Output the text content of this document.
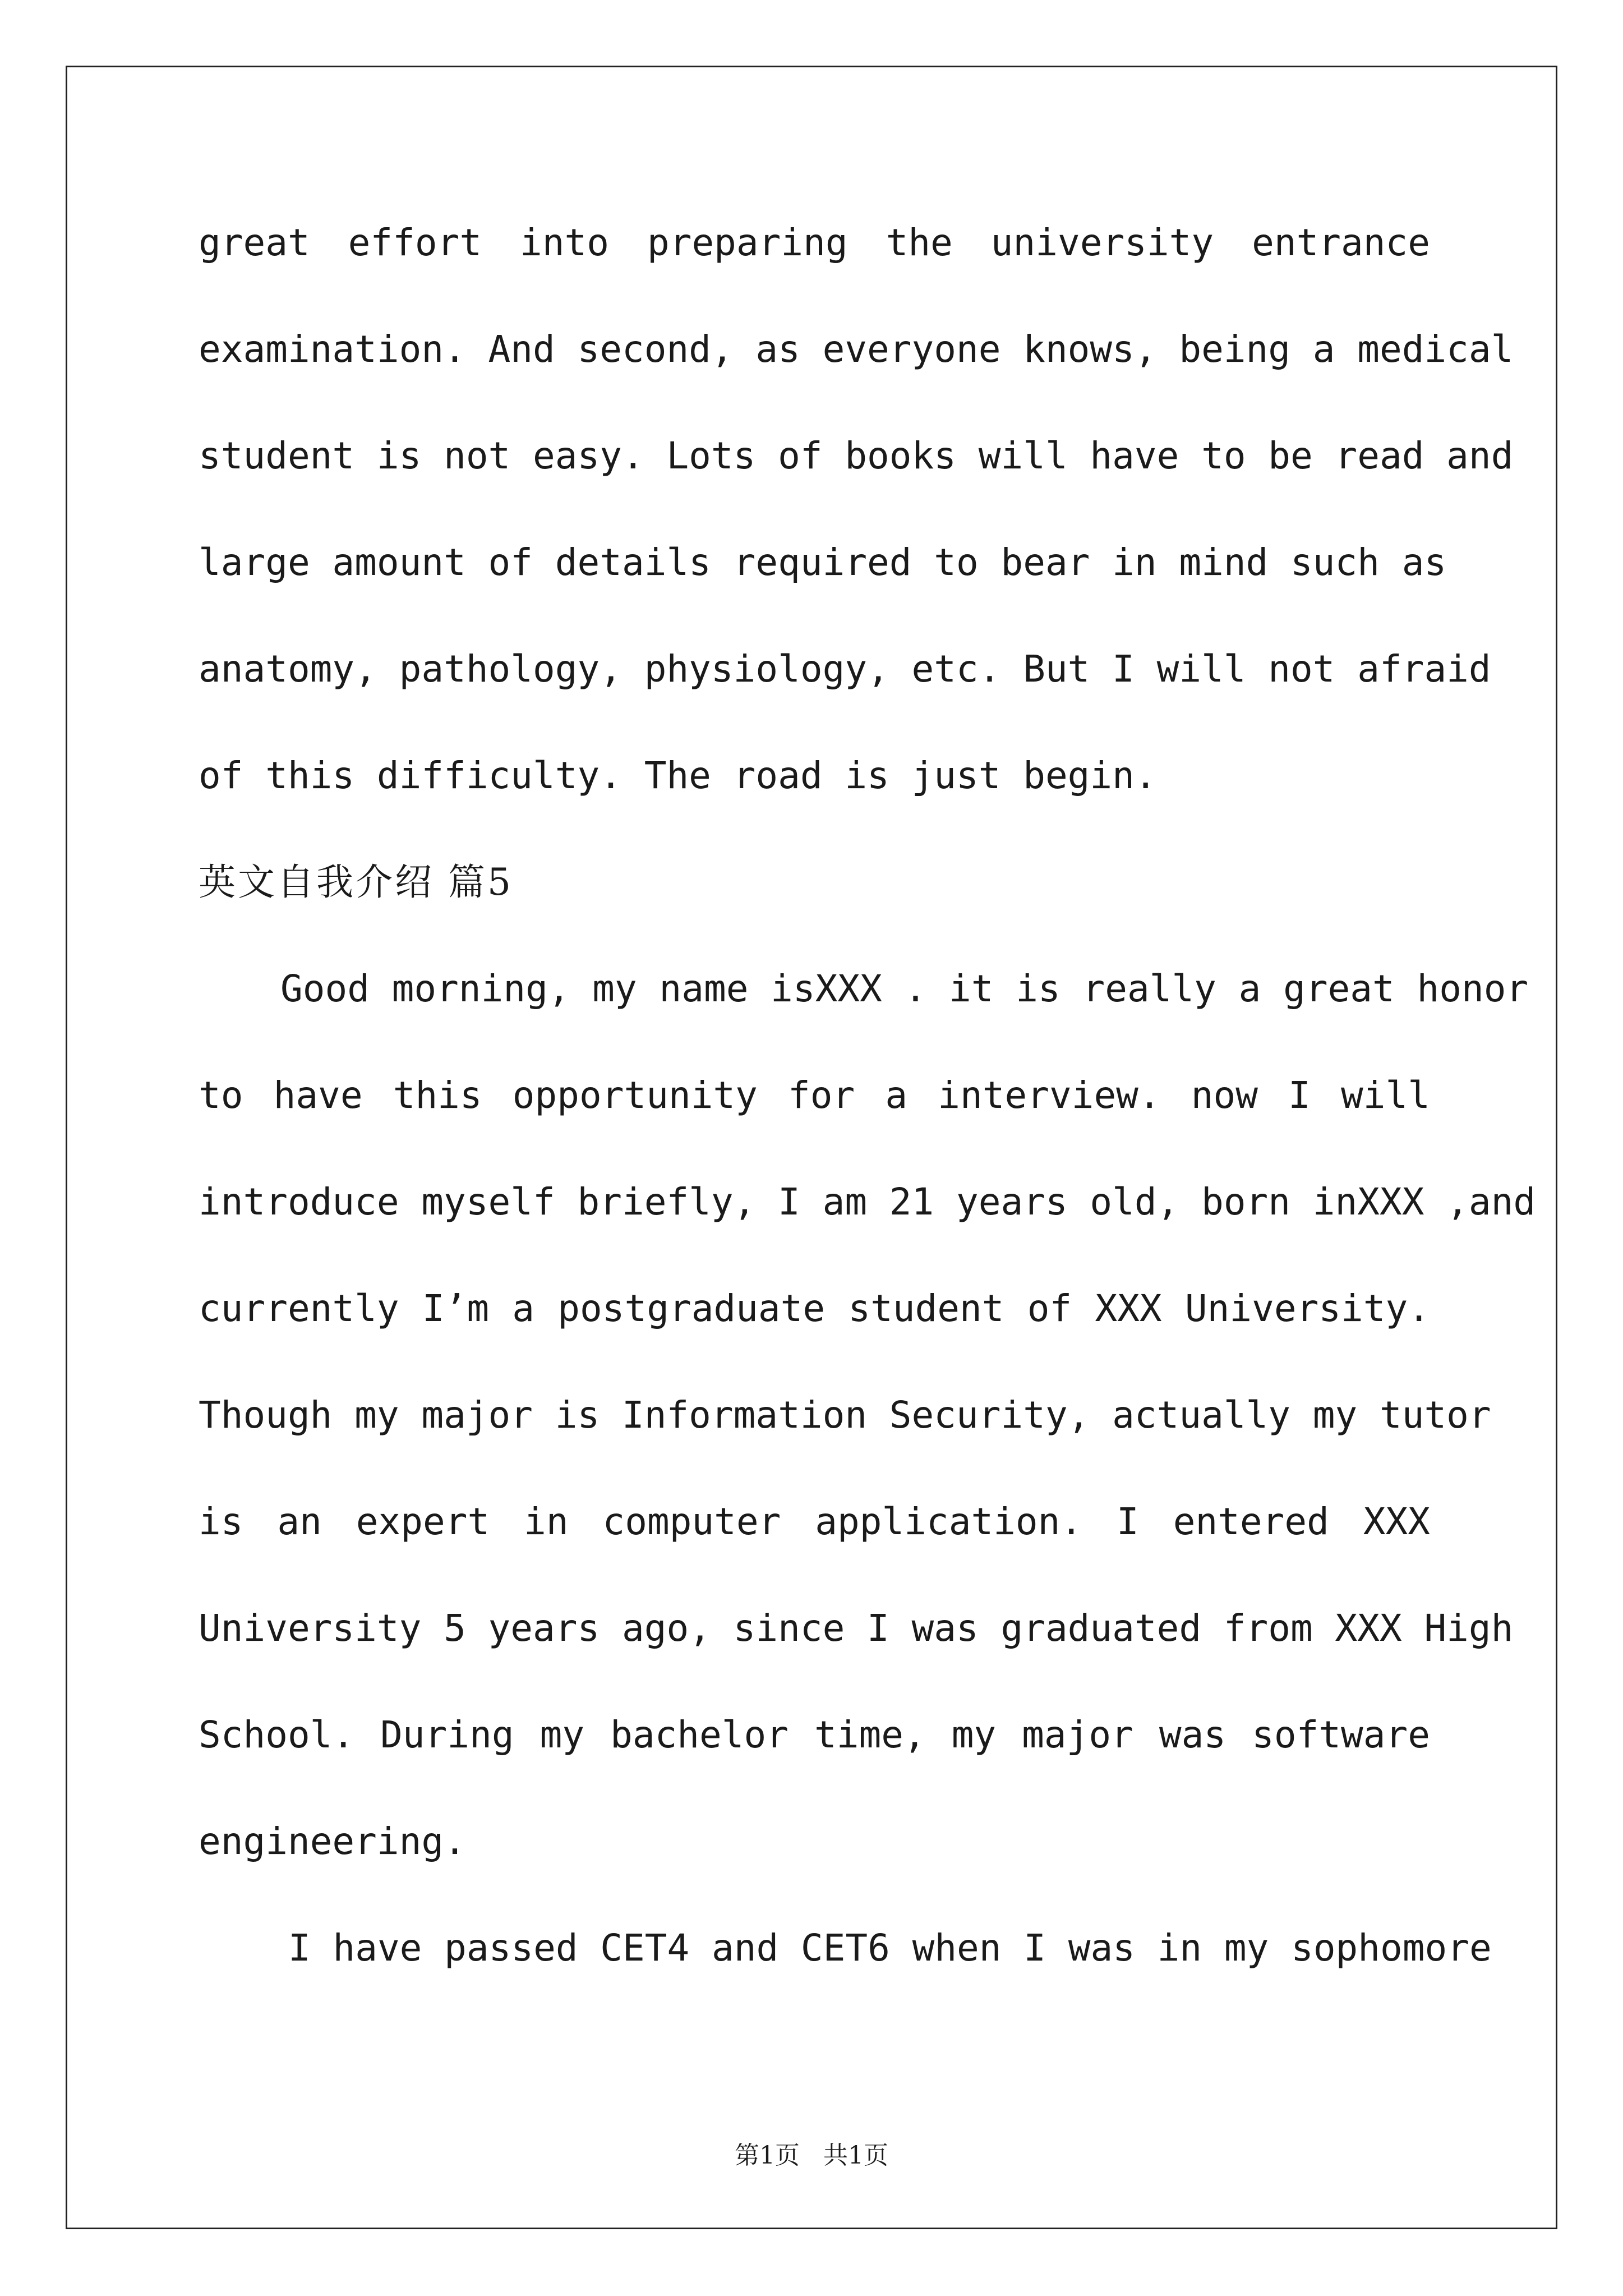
great effort into preparing the university entrance
examination. And second, as everyone knows, being a medical
student is not easy. Lots of books will have to be read and
large amount of details required to bear in mind such as
anatomy, pathology, physiology, etc. But I will not afraid
of this difficulty. The road is just begin.
英文自我介绍 篇5
Good morning, my name isXXX . it is really a great honor
to have this opportunity for a interview. now I will
introduce myself briefly, I am 21 years old, born inXXX ,and
currently I’m a postgraduate student of XXX University.
Though my major is Information Security, actually my tutor
is an expert in computer application. I entered XXX
University 5 years ago, since I was graduated from XXX High
School. During my bachelor time, my major was software
engineering.
I have passed CET4 and CET6 when I was in my sophomore
第1页   共1页
